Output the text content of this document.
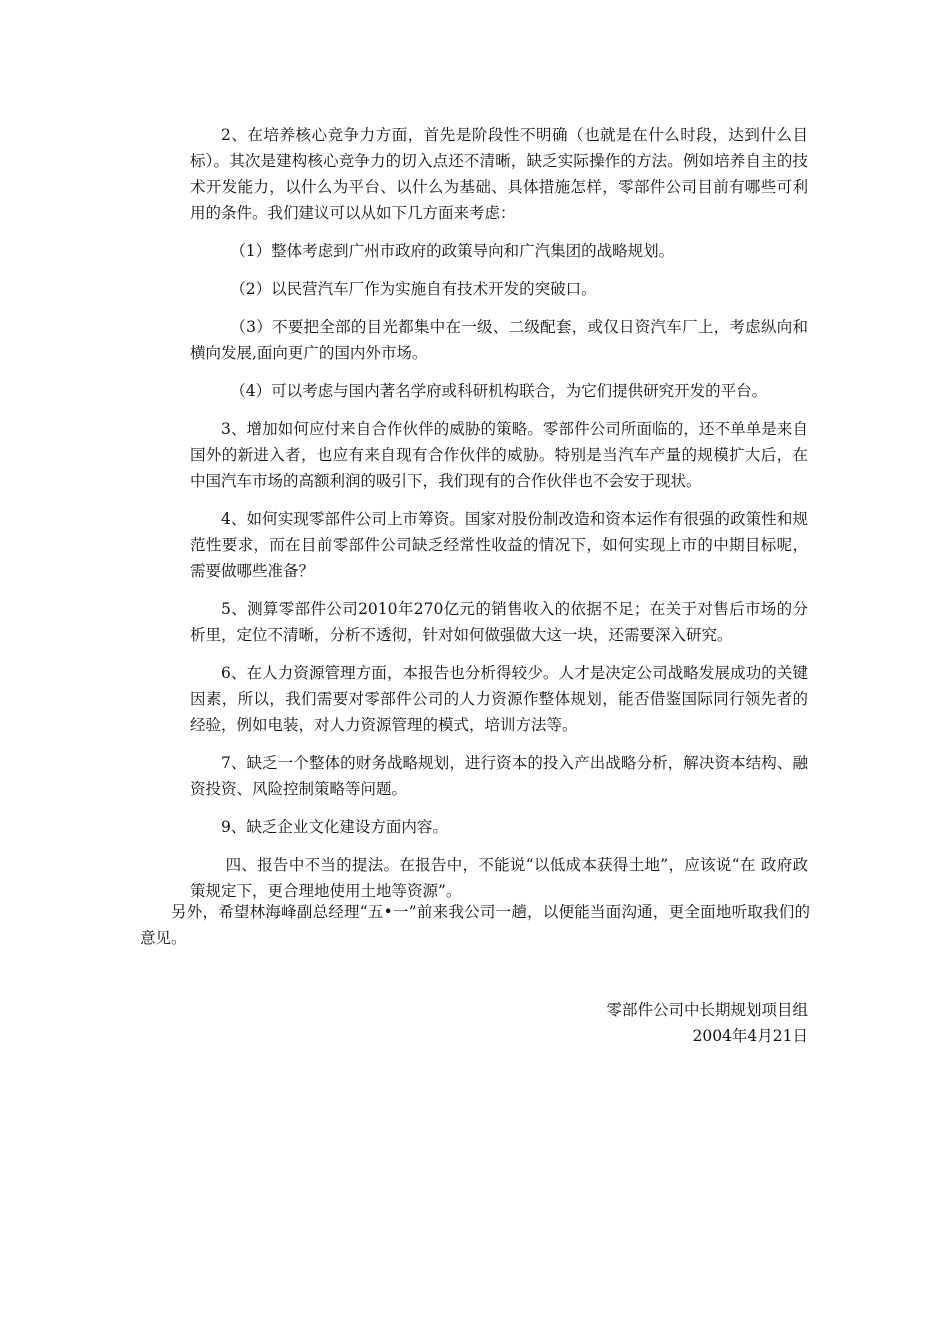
2、在培养核心竞争力方面，首先是阶段性不明确（也就是在什么时段，达到什么目标）。其次是建构核心竞争力的切入点还不清晰，缺乏实际操作的方法。例如培养自主的技术开发能力，以什么为平台、以什么为基础、具体措施怎样，零部件公司目前有哪些可利用的条件。我们建议可以从如下几方面来考虑：

（1）整体考虑到广州市政府的政策导向和广汽集团的战略规划。

（2）以民营汽车厂作为实施自有技术开发的突破口。

（3）不要把全部的目光都集中在一级、二级配套，或仅日资汽车厂上，考虑纵向和横向发展,面向更广的国内外市场。

（4）可以考虑与国内著名学府或科研机构联合，为它们提供研究开发的平台。

3、增加如何应付来自合作伙伴的威胁的策略。零部件公司所面临的，还不单单是来自国外的新进入者，也应有来自现有合作伙伴的威胁。特别是当汽车产量的规模扩大后，在中国汽车市场的高额利润的吸引下，我们现有的合作伙伴也不会安于现状。

4、如何实现零部件公司上市筹资。国家对股份制改造和资本运作有很强的政策性和规范性要求，而在目前零部件公司缺乏经常性收益的情况下，如何实现上市的中期目标呢，需要做哪些准备？

5、测算零部件公司2010年270亿元的销售收入的依据不足；在关于对售后市场的分析里，定位不清晰，分析不透彻，针对如何做强做大这一块，还需要深入研究。

6、在人力资源管理方面，本报告也分析得较少。人才是决定公司战略发展成功的关键因素，所以，我们需要对零部件公司的人力资源作整体规划，能否借鉴国际同行领先者的经验，例如电装，对人力资源管理的模式，培训方法等。

7、缺乏一个整体的财务战略规划，进行资本的投入产出战略分析，解决资本结构、融资投资、风险控制策略等问题。

9、缺乏企业文化建设方面内容。

四、报告中不当的提法。在报告中，不能说“以低成本获得土地”，应该说“在 政府政策规定下，更合理地使用土地等资源”。

另外，希望林海峰副总经理“五•一”前来我公司一趟，以便能当面沟通，更全面地听取我们的意见。

零部件公司中长期规划项目组
2004年4月21日
